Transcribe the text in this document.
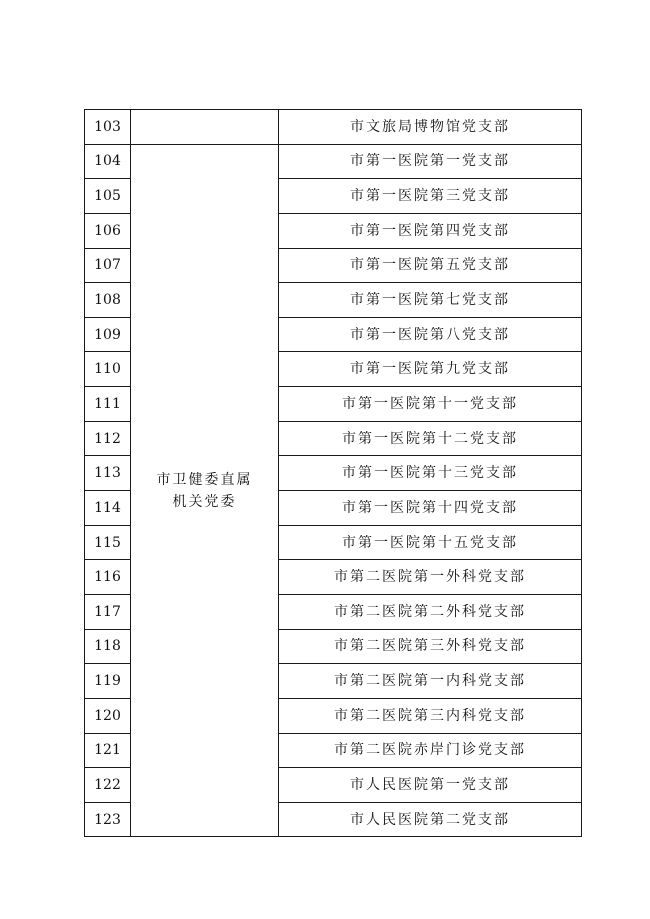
103		市文旅局博物馆党支部
104	市卫健委直属
机关党委	市第一医院第一党支部
105		市第一医院第三党支部
106		市第一医院第四党支部
107		市第一医院第五党支部
108		市第一医院第七党支部
109		市第一医院第八党支部
110		市第一医院第九党支部
111		市第一医院第十一党支部
112		市第一医院第十二党支部
113		市第一医院第十三党支部
114		市第一医院第十四党支部
115		市第一医院第十五党支部
116		市第二医院第一外科党支部
117		市第二医院第二外科党支部
118		市第二医院第三外科党支部
119		市第二医院第一内科党支部
120		市第二医院第三内科党支部
121		市第二医院赤岸门诊党支部
122		市人民医院第一党支部
123		市人民医院第二党支部
